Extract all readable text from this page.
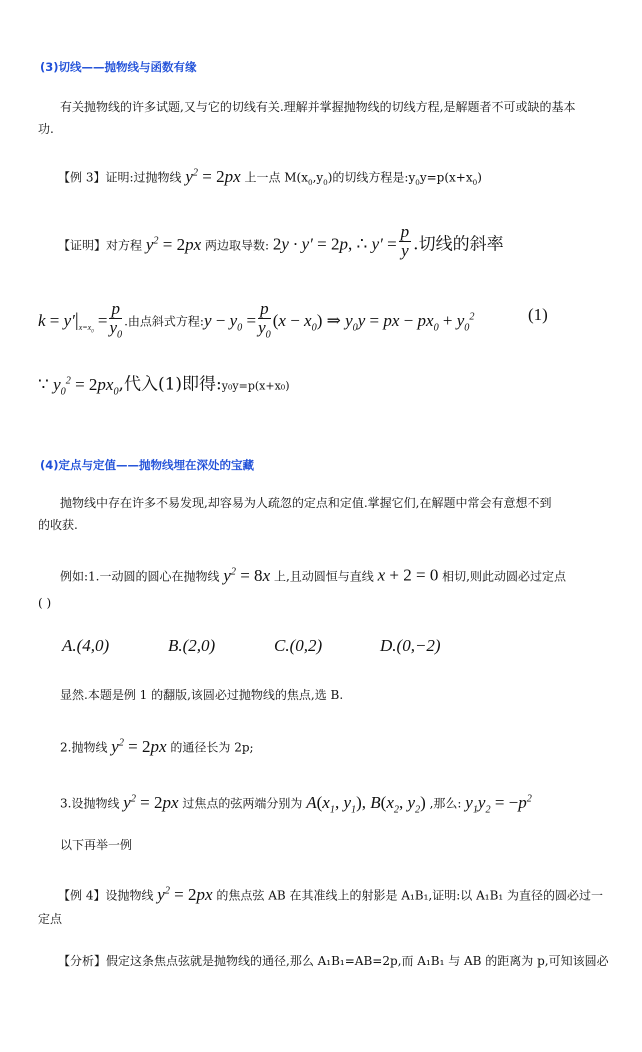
(3)切线——抛物线与函数有缘
有关抛物线的许多试题,又与它的切线有关.理解并掌握抛物线的切线方程,是解题者不可或缺的基本
功.
【例 3】证明:过抛物线 $y^2 = 2px$ 上一点 $M(x_0,y_0)$的切线方程是$:y_0y=p(x+x_0)$
【证明】对方程 $y^2 = 2px$ 两边取导数: 2y · y′ = 2p, ∴ $y' = \frac{p}{y}$ .切线的斜率
$k = y'|_{x=x_0} = \frac{p}{y_0}$ .由点斜式方程:y − $y_0 = \frac{p}{y_0} (x - x_0)$ ⇒ $y_0y$ = px − $px_0 + y_0^2$	(1)
∵ $y_0^2 = 2px_0$,代入(1)即得:y₀y=p(x+x₀)
(4)定点与定值——抛物线埋在深处的宝藏
抛物线中存在许多不易发现,却容易为人疏忽的定点和定值.掌握它们,在解题中常会有意想不到
的收获.
例如:1.一动圆的圆心在抛物线 $y^2 = 8x$ 上,且动圆恒与直线 x + 2 = 0 相切,则此动圆必过定点
( )
A.(4,0)	B.(2,0)	C.(0,2)	D.(0,−2)
显然.本题是例 1 的翻版,该圆必过抛物线的焦点,选 B.
2.抛物线 $y^2 = 2px$ 的通径长为 2p;
3.设抛物线 $y^2 = 2px$ 过焦点的弦两端分别为 $A(x_1$, $y_1$), $B(x_2$, $y_2$) ,那么: $y_1y_2 = -p^2$
以下再举一例
【例 4】设抛物线 $y^2 = 2px$ 的焦点弦 AB 在其准线上的射影是 A₁B₁,证明:以 A₁B₁ 为直径的圆必过一
定点
【分析】假定这条焦点弦就是抛物线的通径,那么 A₁B₁=AB=2p,而 A₁B₁ 与 AB 的距离为 p,可知该圆必
